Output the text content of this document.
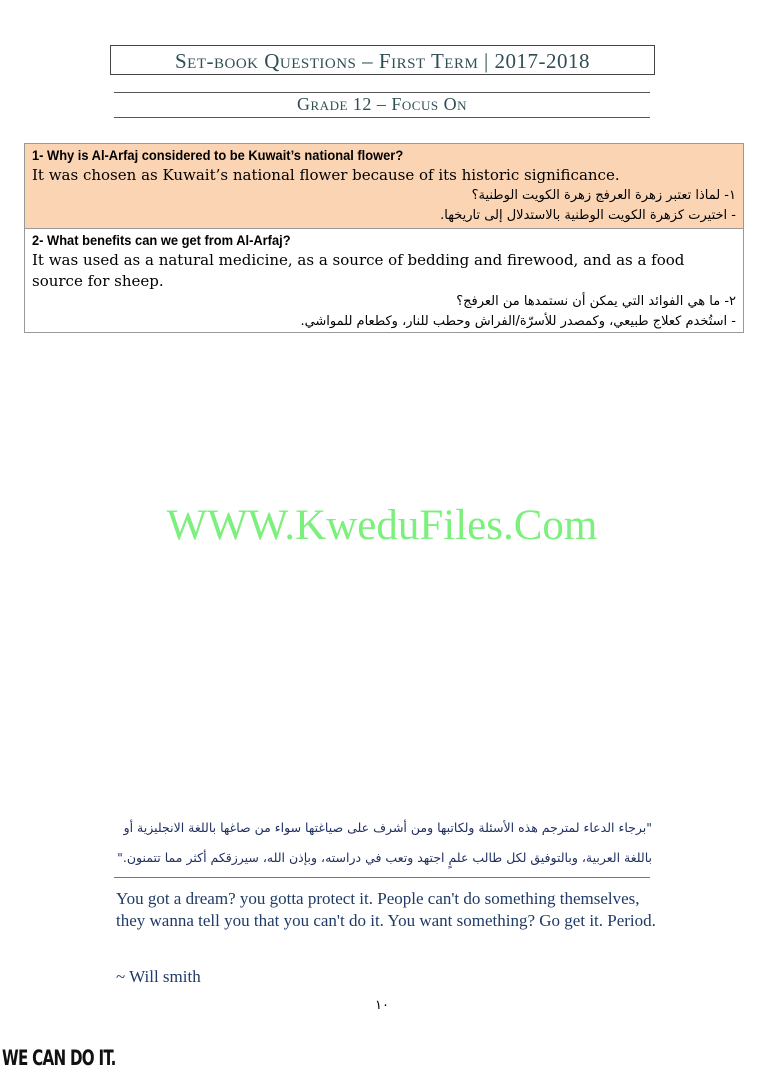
Set-book Questions – First Term | 2017-2018
Grade 12 – Focus On
1- Why is Al-Arfaj considered to be Kuwait’s national flower?
It was chosen as Kuwait’s national flower because of its historic significance.
١- لماذا تعتبر زهرة العرفج زهرة الكويت الوطنية؟
- اختيرت كزهرة الكويت الوطنية بالاستدلال إلى تاريخها.
2- What benefits can we get from Al-Arfaj?
It was used as a natural medicine, as a source of bedding and firewood, and as a food source for sheep.
٢- ما هي الفوائد التي يمكن أن نستمدها من العرفج؟
- استُخدم كعلاج طبيعي، وكمصدر للأسرّة/الفراش وحطب للنار، وكطعام للمواشي.
WWW.KweduFiles.Com
"برجاء الدعاء لمترجم هذه الأسئلة ولكاتبها ومن أشرف على صياغتها سواء من صاغها باللغة الانجليزية أو
باللغة العربية، وبالتوفيق لكل طالب علمٍ اجتهد وتعب في دراسته، وبإذن الله، سيرزقكم أكثر مما تتمنون."
You got a dream? you gotta protect it. People can't do something themselves, they wanna tell you that you can't do it. You want something? Go get it. Period.
~ Will smith
١٠
WE CAN DO IT.
